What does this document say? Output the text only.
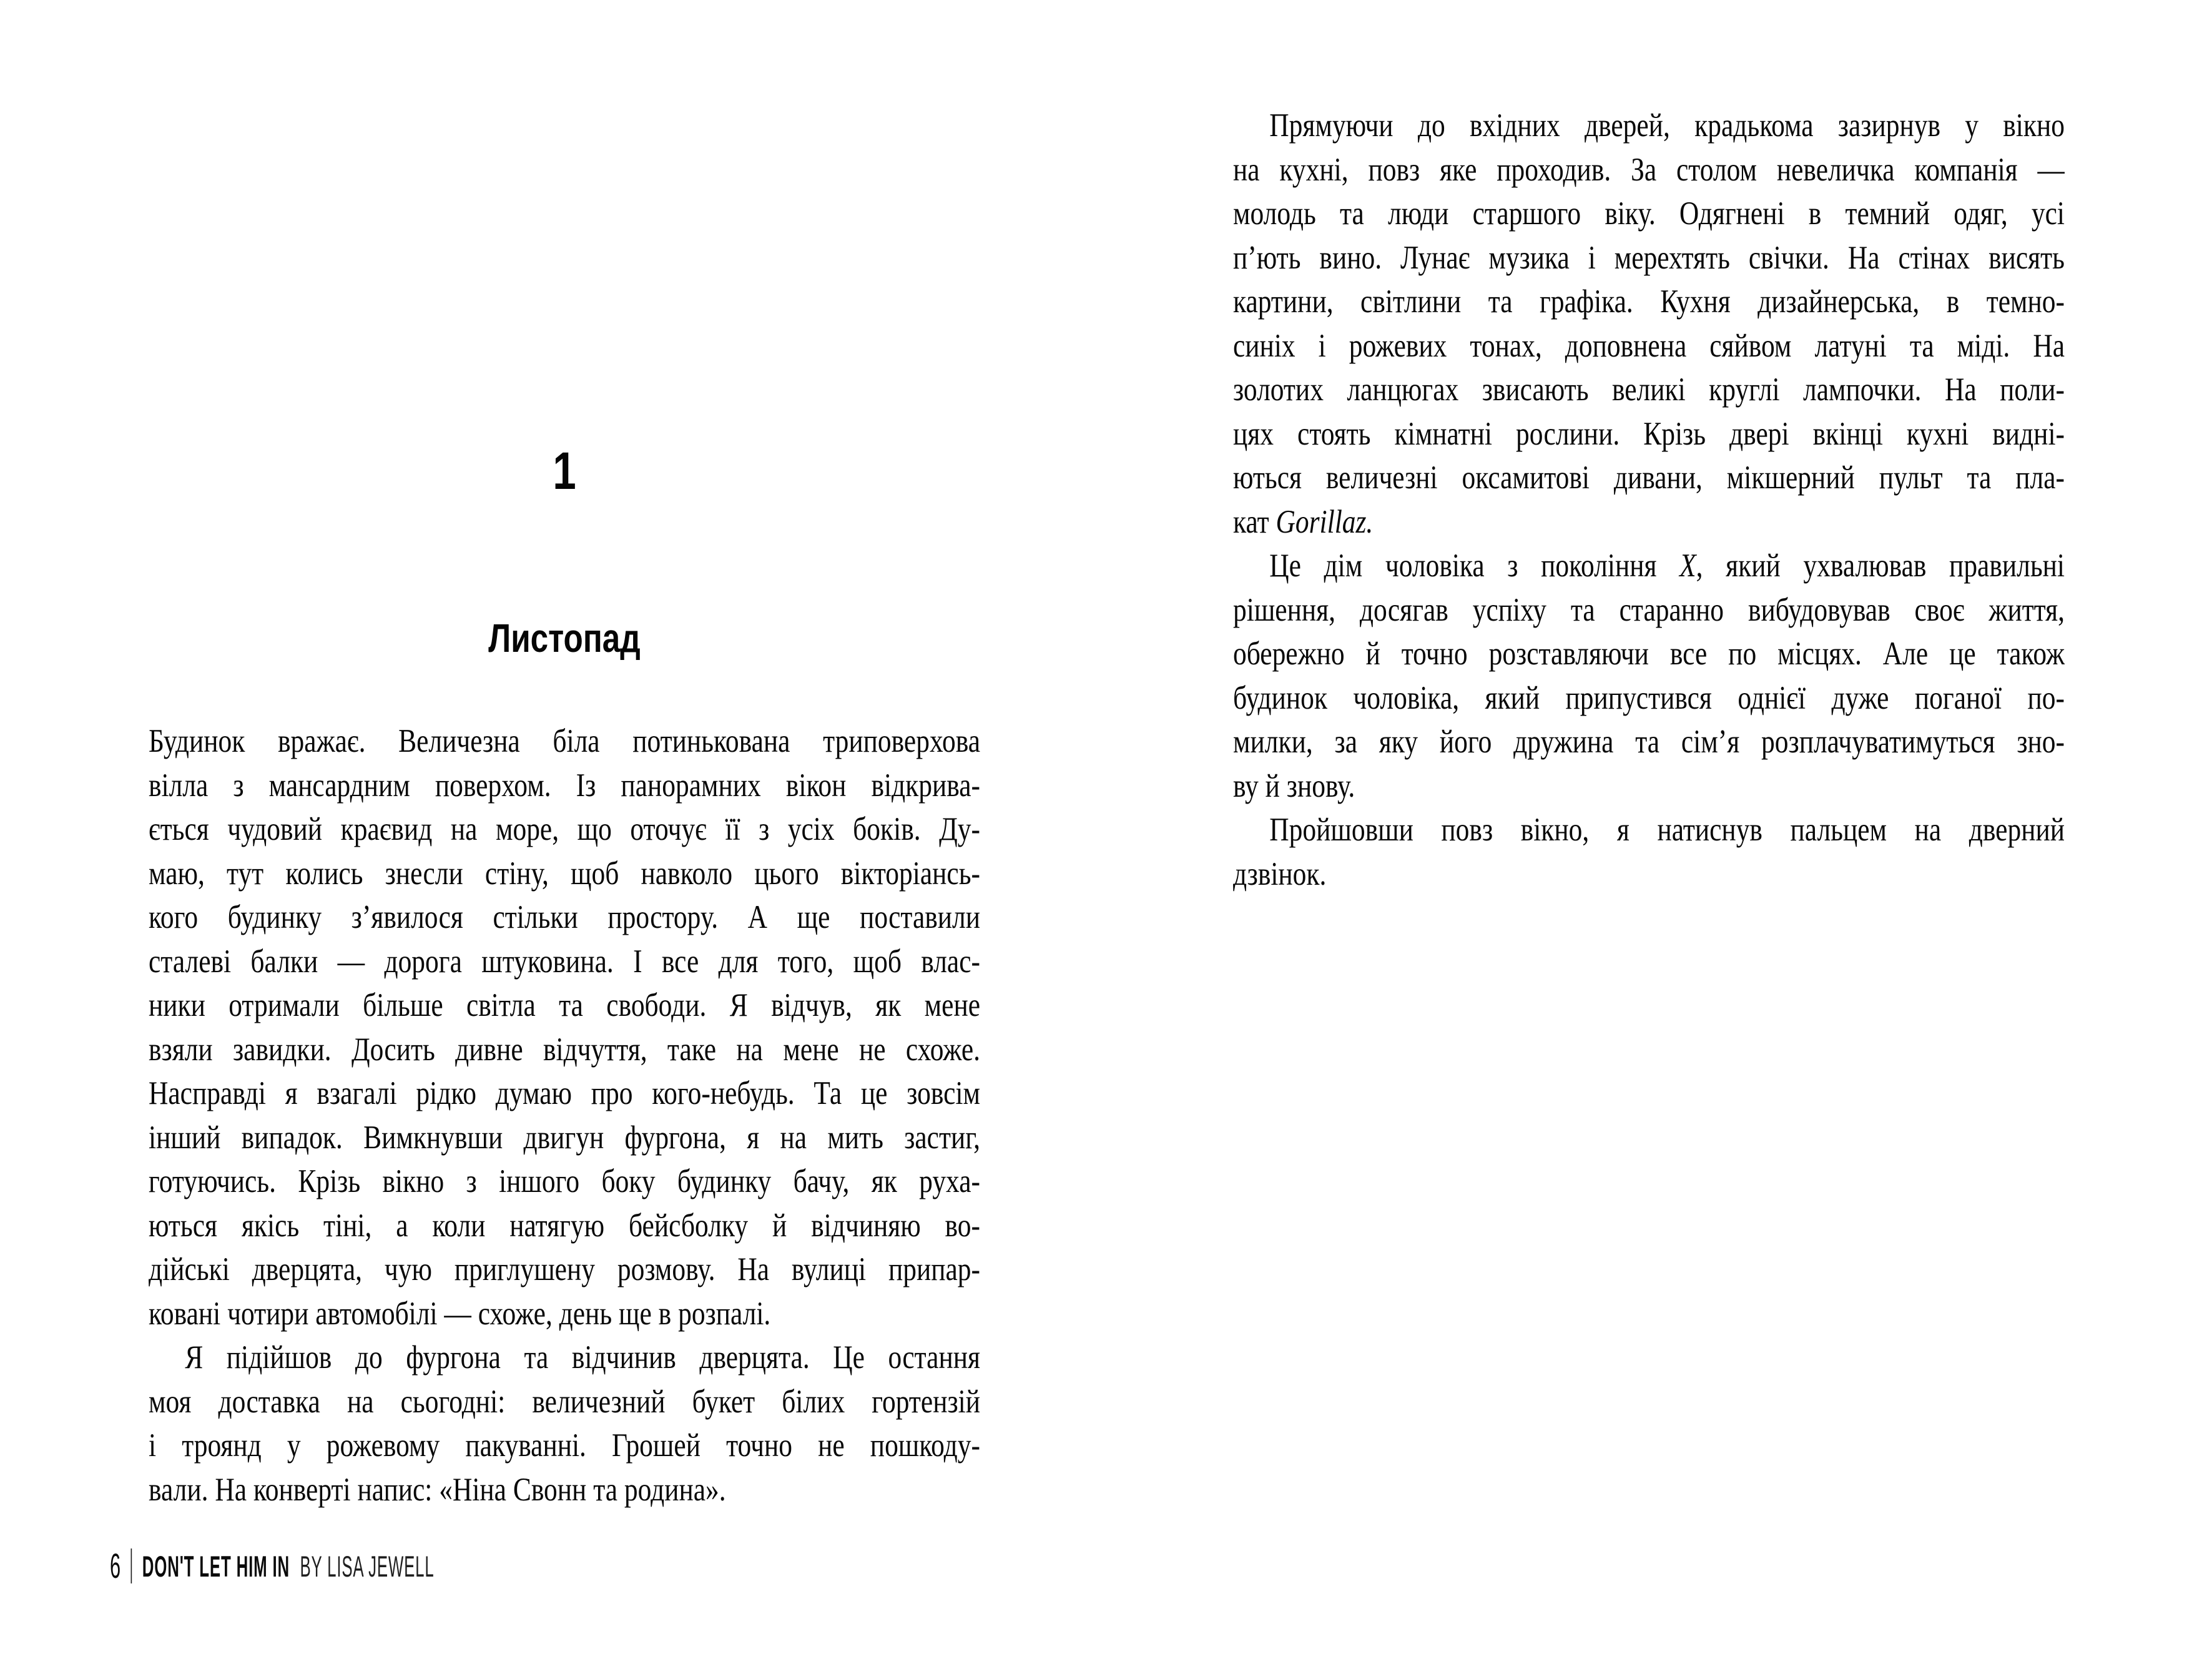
1
Листопад
Будинок вражає. Величезна біла потинькована триповерхова
вілла з мансардним поверхом. Із панорамних вікон відкрива-
ється чудовий краєвид на море, що оточує її з усіх боків. Ду-
маю, тут колись знесли стіну, щоб навколо цього вікторіансь-
кого будинку з’явилося стільки простору. А ще поставили
сталеві балки — дорога штуковина. І все для того, щоб влас-
ники отримали більше світла та свободи. Я відчув, як мене
взяли завидки. Досить дивне відчуття, таке на мене не схоже.
Насправді я взагалі рідко думаю про кого-небудь. Та це зовсім
інший випадок. Вимкнувши двигун фургона, я на мить застиг,
готуючись. Крізь вікно з іншого боку будинку бачу, як руха-
ються якісь тіні, а коли натягую бейсболку й відчиняю во-
дійські дверцята, чую приглушену розмову. На вулиці припар-
ковані чотири автомобілі — схоже, день ще в розпалі.
Я підійшов до фургона та відчинив дверцята. Це остання
моя доставка на сьогодні: величезний букет білих гортензій
і троянд у рожевому пакуванні. Грошей точно не пошкоду-
вали. На конверті напис: «Ніна Свонн та родина».
6 DON'T LET HIM IN BY LISA JEWELL
Прямуючи до вхідних дверей, крадькома зазирнув у вікно
на кухні, повз яке проходив. За столом невеличка компанія —
молодь та люди старшого віку. Одягнені в темний одяг, усі
п’ють вино. Лунає музика і мерехтять свічки. На стінах висять
картини, світлини та графіка. Кухня дизайнерська, в темно-
синіх і рожевих тонах, доповнена сяйвом латуні та міді. На
золотих ланцюгах звисають великі круглі лампочки. На поли-
цях стоять кімнатні рослини. Крізь двері вкінці кухні видні-
ються величезні оксамитові дивани, мікшерний пульт та пла-
кат Gorillaz.
Це дім чоловіка з покоління X, який ухвалював правильні
рішення, досягав успіху та старанно вибудовував своє життя,
обережно й точно розставляючи все по місцях. Але це також
будинок чоловіка, який припустився однієї дуже поганої по-
милки, за яку його дружина та сім’я розплачуватимуться зно-
ву й знову.
Пройшовши повз вікно, я натиснув пальцем на дверний
дзвінок.
